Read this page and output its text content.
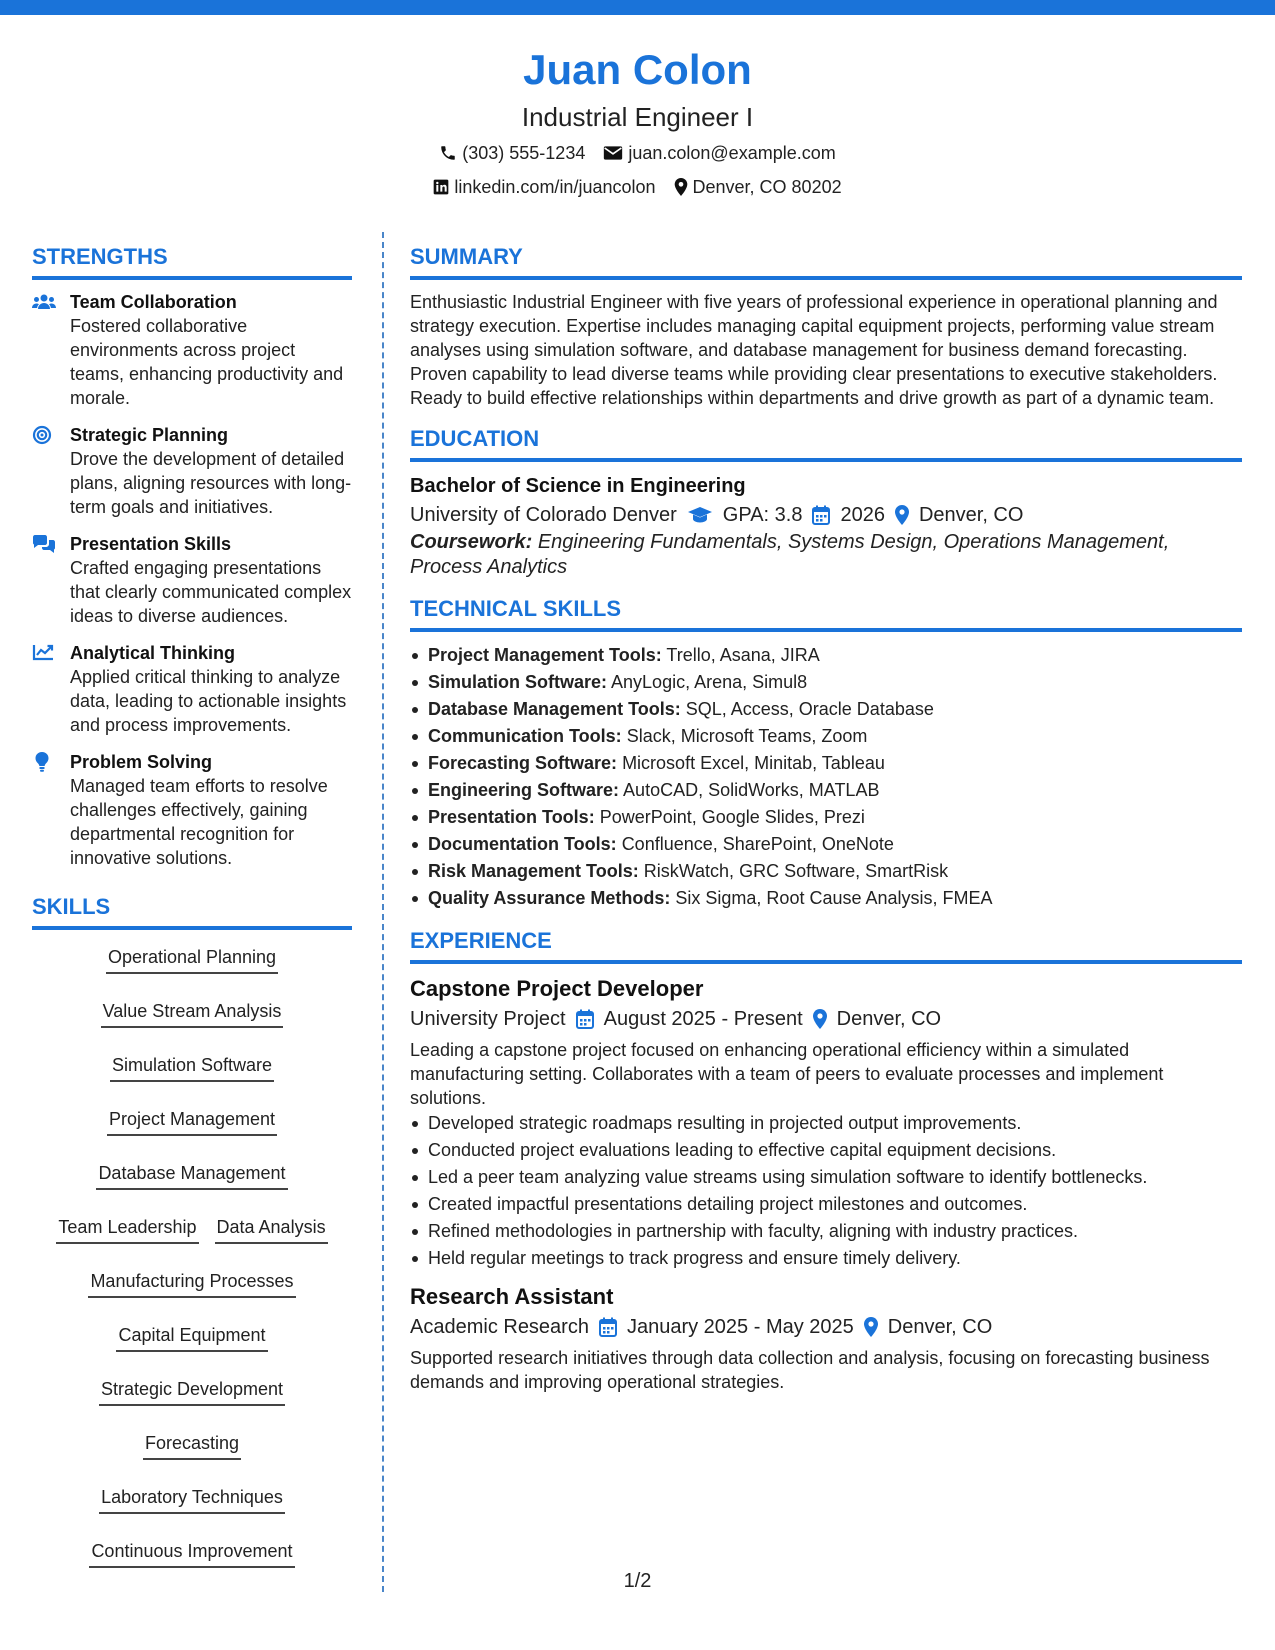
Juan Colon
Industrial Engineer I
(303) 555-1234 juan.colon@example.com
linkedin.com/in/juancolon Denver, CO 80202
STRENGTHS
Team Collaboration
Fostered collaborative environments across project teams, enhancing productivity and morale.
Strategic Planning
Drove the development of detailed plans, aligning resources with long-term goals and initiatives.
Presentation Skills
Crafted engaging presentations that clearly communicated complex ideas to diverse audiences.
Analytical Thinking
Applied critical thinking to analyze data, leading to actionable insights and process improvements.
Problem Solving
Managed team efforts to resolve challenges effectively, gaining departmental recognition for innovative solutions.
SKILLS
Operational Planning
Value Stream Analysis
Simulation Software
Project Management
Database Management
Team Leadership Data Analysis
Manufacturing Processes
Capital Equipment
Strategic Development
Forecasting
Laboratory Techniques
Continuous Improvement
SUMMARY

Enthusiastic Industrial Engineer with five years of professional experience in operational planning and strategy execution. Expertise includes managing capital equipment projects, performing value stream analyses using simulation software, and database management for business demand forecasting. Proven capability to lead diverse teams while providing clear presentations to executive stakeholders. Ready to build effective relationships within departments and drive growth as part of a dynamic team.

EDUCATION
Bachelor of Science in Engineering
University of Colorado Denver GPA: 3.8 2026 Denver, CO
Coursework: Engineering Fundamentals, Systems Design, Operations Management, Process Analytics
TECHNICAL SKILLS
Project Management Tools: Trello, Asana, JIRA
Simulation Software: AnyLogic, Arena, Simul8
Database Management Tools: SQL, Access, Oracle Database
Communication Tools: Slack, Microsoft Teams, Zoom
Forecasting Software: Microsoft Excel, Minitab, Tableau
Engineering Software: AutoCAD, SolidWorks, MATLAB
Presentation Tools: PowerPoint, Google Slides, Prezi
Documentation Tools: Confluence, SharePoint, OneNote
Risk Management Tools: RiskWatch, GRC Software, SmartRisk
Quality Assurance Methods: Six Sigma, Root Cause Analysis, FMEA
EXPERIENCE
Capstone Project Developer
University Project August 2025 - Present Denver, CO
Leading a capstone project focused on enhancing operational efficiency within a simulated manufacturing setting. Collaborates with a team of peers to evaluate processes and implement solutions.
Developed strategic roadmaps resulting in projected output improvements.
Conducted project evaluations leading to effective capital equipment decisions.
Led a peer team analyzing value streams using simulation software to identify bottlenecks.
Created impactful presentations detailing project milestones and outcomes.
Refined methodologies in partnership with faculty, aligning with industry practices.
Held regular meetings to track progress and ensure timely delivery.
Research Assistant
Academic Research January 2025 - May 2025 Denver, CO
Supported research initiatives through data collection and analysis, focusing on forecasting business demands and improving operational strategies.
1/2
